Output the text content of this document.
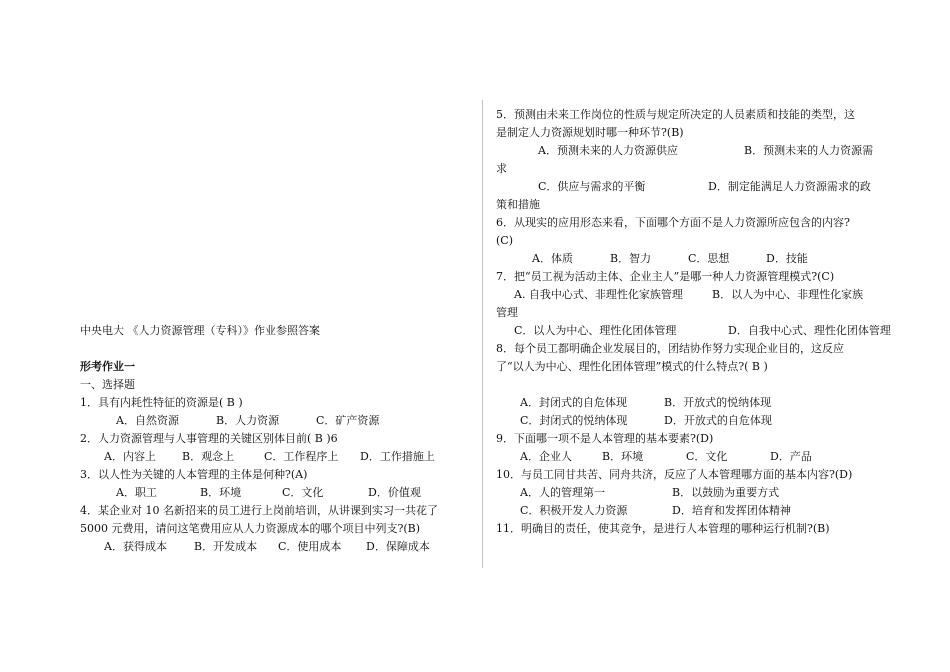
中央电大 《人力资源管理（专科）》作业参照答案
形考作业一
一、选择题
1．具有内耗性特征的资源是( B )
A．自然资源	B．人力资源	C．矿产资源
2．人力资源管理与人事管理的关键区别体目前( B )6
A．内容上 B．观念上	C．工作程序上 D．工作措施上
3．以人性为关键的人本管理的主体是何种?(A)
A．职工	B．环境	C．文化	D．价值观
4．某企业对 10 名新招来的员工进行上岗前培训，从讲课到实习一共花了
5000 元费用，请问这笔费用应从人力资源成本的哪个项目中列支?(B)
A．获得成本 B．开发成本 C．使用成本 D．保障成本
5．预测由未来工作岗位的性质与规定所决定的人员素质和技能的类型，这
是制定人力资源规划时哪一种环节?(B)
A．预测未来的人力资源供应	B．预测未来的人力资源需
求
C．供应与需求的平衡	D．制定能满足人力资源需求的政
策和措施
6．从现实的应用形态来看，下面哪个方面不是人力资源所应包含的内容?
(C)
A．体质	B．智力	C．思想	D．技能
7．把“员工视为活动主体、企业主人”是哪一种人力资源管理模式?(C)
A. 自我中心式、非理性化家族管理	B．以人为中心、非理性化家族
管理
C．以人为中心、理性化团体管理	D．自我中心式、理性化团体管理
8．每个员工都明确企业发展目的，团结协作努力实现企业目的，这反应
了“以人为中心、理性化团体管理”模式的什么特点?( B )
A．封闭式的自危体现	B．开放式的悦纳体现
C．封闭式的悦纳体现	D．开放式的自危体现
9．下面哪一项不是人本管理的基本要素?(D)
A．企业人	B．环境	C．文化	D．产品
10．与员工同甘共苦、同舟共济，反应了人本管理哪方面的基本内容?(D)
A．人的管理第一	B．以鼓励为重要方式
C．积极开发人力资源	D．培育和发挥团体精神
11．明确目的责任，使其竞争，是进行人本管理的哪种运行机制?(B)
